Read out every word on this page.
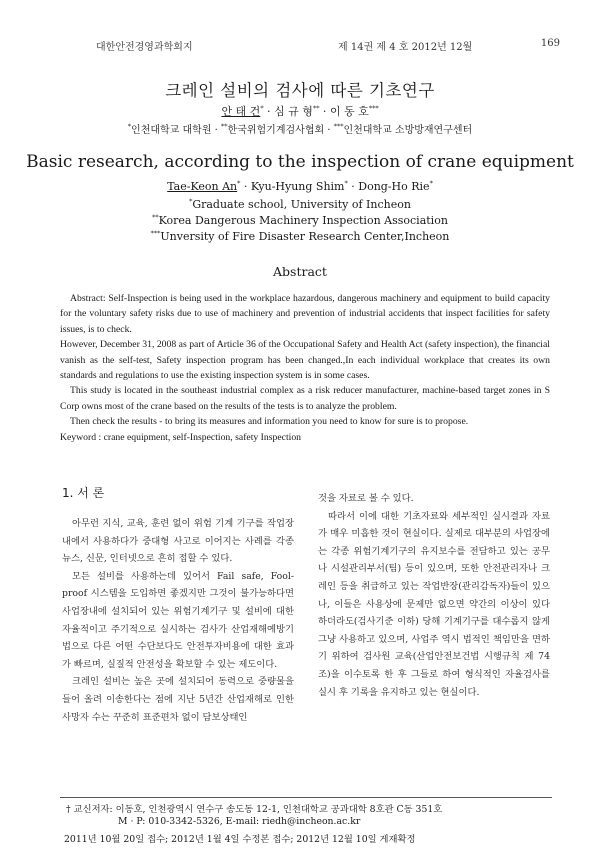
대한안전경영과학회지	제 14권 제 4 호 2012년 12월	169
크레인 설비의 검사에 따른 기초연구
안 태 건* · 심 규 형** · 이 동 호***
*인천대학교 대학원 · **한국위험기계검사협회 · ***인천대학교 소방방재연구센터
Basic research, according to the inspection of crane equipment
Tae-Keon An* · Kyu-Hyung Shim* · Dong-Ho Rie*
*Graduate school, University of Incheon
**Korea Dangerous Machinery Inspection Association
***Unversity of Fire Disaster Research Center,Incheon
Abstract

Abstract: Self-Inspection is being used in the workplace hazardous, dangerous machinery and equipment to build capacity for the voluntary safety risks due to use of machinery and prevention of industrial accidents that inspect facilities for safety issues, is to check.

However, December 31, 2008 as part of Article 36 of the Occupational Safety and Health Act (safety inspection), the financial vanish as the self-test, Safety inspection program has been changed.,In each individual workplace that creates its own standards and regulations to use the existing inspection system is in some cases.

This study is located in the southeast industrial complex as a risk reducer manufacturer, machine-based target zones in S Corp owns most of the crane based on the results of the tests is to analyze the problem.

Then check the results - to bring its measures and information you need to know for sure is to propose.

Keyword : crane equipment, self-Inspection, safety Inspection

1. 서 론

아무런 지식, 교육, 훈련 없이 위험 기계 기구를 작업장 내에서 사용하다가 중대형 사고로 이어지는 사례를 각종 뉴스, 신문, 인터넷으로 흔히 접할 수 있다.

모든 설비를 사용하는데 있어서 Fail safe, Fool-proof 시스템을 도입하면 좋겠지만 그것이 불가능하다면 사업장내에 설치되어 있는 위험기계기구 및 설비에 대한 자율적이고 주기적으로 실시하는 검사가 산업재해예방기법으로 다른 어떤 수단보다도 안전투자비용에 대한 효과가 빠르며, 실질적 안전성을 확보할 수 있는 제도이다.

크레인 설비는 높은 곳에 설치되어 동력으로 중량물을 들어 올려 이송한다는 점에 지난 5년간 산업재해로 인한 사망자 수는 꾸준히 표준편차 없이 담보상태인

것을 자료로 볼 수 있다.

따라서 이에 대한 기초자료와 세부적인 실시결과 자료가 매우 미흡한 것이 현실이다. 실제로 대부분의 사업장에는 각종 위험기계기구의 유지보수를 전담하고 있는 공무나 시설관리부서(팀) 등이 있으며, 또한 안전관리자나 크레인 등을 취급하고 있는 작업반장(관리감독자)들이 있으나, 이들은 사용상에 문제만 없으면 약간의 이상이 있다 하더라도(검사기준 이하) 당해 기계기구를 대수롭지 않게 그냥 사용하고 있으며, 사업주 역시 법적인 책임만을 면하기 위하여 검사원 교육(산업안전보건법 시행규칙 제 74조)을 이수토록 한 후 그들로 하여 형식적인 자율검사를 실시 후 기록을 유지하고 있는 현실이다.

† 교신저자: 이동호, 인천광역시 연수구 송도동 12-1, 인천대학교 공과대학 8호관 C동 351호
M · P: 010-3342-5326, E-mail: riedh@incheon.ac.kr
2011년 10월 20일 접수; 2012년 1월 4일 수정본 접수; 2012년 12월 10일 게재확정
